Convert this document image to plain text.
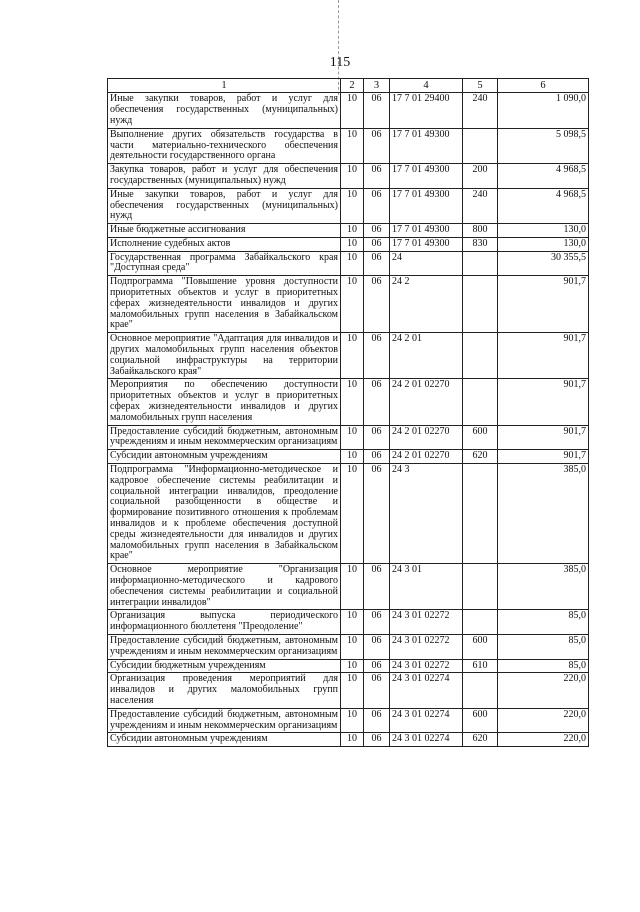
115
1	2	3	4	5	6
Иные закупки товаров, работ и услуг для обеспечения государственных (муниципальных) нужд	10	06	17 7 01 29400	240	1 090,0
Выполнение других обязательств государства в части материально-технического обеспечения деятельности государственного органа	10	06	17 7 01 49300		5 098,5
Закупка товаров, работ и услуг для обеспечения государственных (муниципальных) нужд	10	06	17 7 01 49300	200	4 968,5
Иные закупки товаров, работ и услуг для обеспечения государственных (муниципальных) нужд	10	06	17 7 01 49300	240	4 968,5
Иные бюджетные ассигнования	10	06	17 7 01 49300	800	130,0
Исполнение судебных актов	10	06	17 7 01 49300	830	130,0
Государственная программа Забайкальского края "Доступная среда"	10	06	24		30 355,5
Подпрограмма "Повышение уровня доступности приоритетных объектов и услуг в приоритетных сферах жизнедеятельности инвалидов и других маломобильных групп населения в Забайкальском крае"	10	06	24 2		901,7
Основное мероприятие "Адаптация для инвалидов и других маломобильных групп населения объектов социальной инфраструктуры на территории Забайкальского края"	10	06	24 2 01		901,7
Мероприятия по обеспечению доступности приоритетных объектов и услуг в приоритетных сферах жизнедеятельности инвалидов и других маломобильных групп населения	10	06	24 2 01 02270		901,7
Предоставление субсидий бюджетным, автономным учреждениям и иным некоммерческим организациям	10	06	24 2 01 02270	600	901,7
Субсидии автономным учреждениям	10	06	24 2 01 02270	620	901,7
Подпрограмма "Информационно-методическое и кадровое обеспечение системы реабилитации и социальной интеграции инвалидов, преодоление социальной разобщенности в обществе и формирование позитивного отношения к проблемам инвалидов и к проблеме обеспечения доступной среды жизнедеятельности для инвалидов и других маломобильных групп населения в Забайкальском крае"	10	06	24 3		385,0
Основное мероприятие "Организация информационно-методического и кадрового обеспечения системы реабилитации и социальной интеграции инвалидов"	10	06	24 3 01		385,0
Организация выпуска периодического информационного бюллетеня "Преодоление"	10	06	24 3 01 02272		85,0
Предоставление субсидий бюджетным, автономным учреждениям и иным некоммерческим организациям	10	06	24 3 01 02272	600	85,0
Субсидии бюджетным учреждениям	10	06	24 3 01 02272	610	85,0
Организация проведения мероприятий для инвалидов и других маломобильных групп населения	10	06	24 3 01 02274		220,0
Предоставление субсидий бюджетным, автономным учреждениям и иным некоммерческим организациям	10	06	24 3 01 02274	600	220,0
Субсидии автономным учреждениям	10	06	24 3 01 02274	620	220,0
